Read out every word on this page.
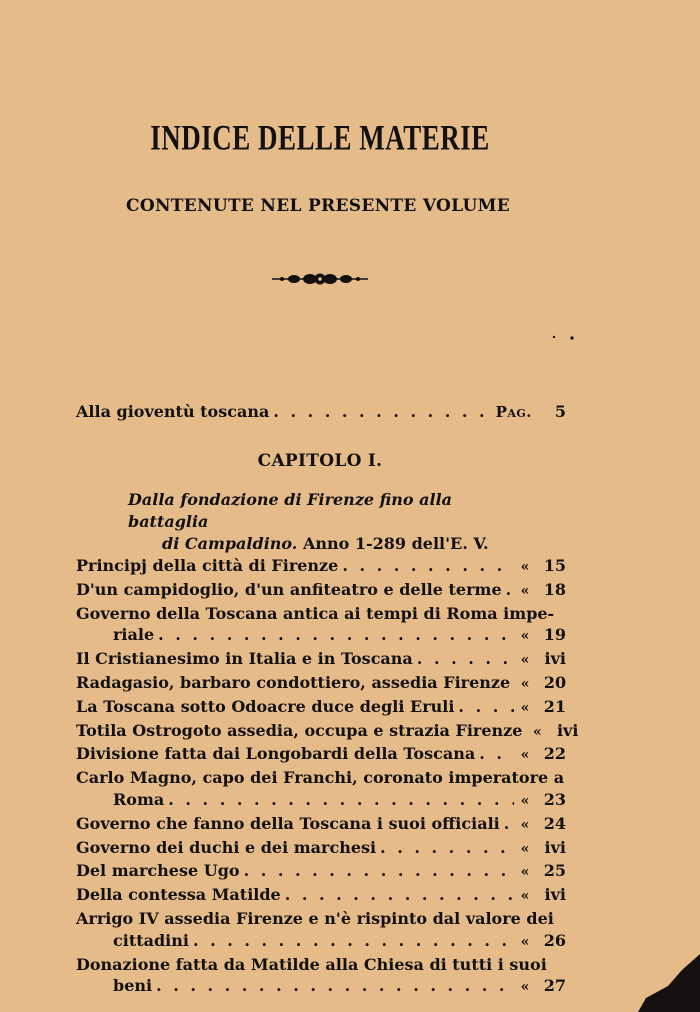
INDICE DELLE MATERIE
CONTENUTE NEL PRESENTE VOLUME
Alla gioventù toscana . . .	Pag.	5
CAPITOLO I.

Dalla fondazione di Firenze fino alla battaglia
di Campaldino. Anno 1-289 dell'E. V.

Principj della città di Firenze . . .	« 15
D'un campidoglio, d'un anfiteatro e delle terme . . . « 18
Governo della Toscana antica ai tempi di Roma impe-
riale . . .	« 19
Il Cristianesimo in Italia e in Toscana . . .	« ivi
Radagasio, barbaro condottiero, assedia Firenze « 20
La Toscana sotto Odoacre duce degli Eruli . . .	« 21
Totila Ostrogoto assedia, occupa e strazia Firenze « ivi
Divisione fatta dai Longobardi della Toscana . . .	« 22
Carlo Magno, capo dei Franchi, coronato imperatore a
Roma . . .	« 23
Governo che fanno della Toscana i suoi officiali . . . « 24
Governo dei duchi e dei marchesi . . .	« ivi
Del marchese Ugo . . .	« 25
Della contessa Matilde . . .	« ivi
Arrigo IV assedia Firenze e n'è rispinto dal valore dei
cittadini . . .	« 26
Donazione fatta da Matilde alla Chiesa di tutti i suoi
beni . . .	« 27
